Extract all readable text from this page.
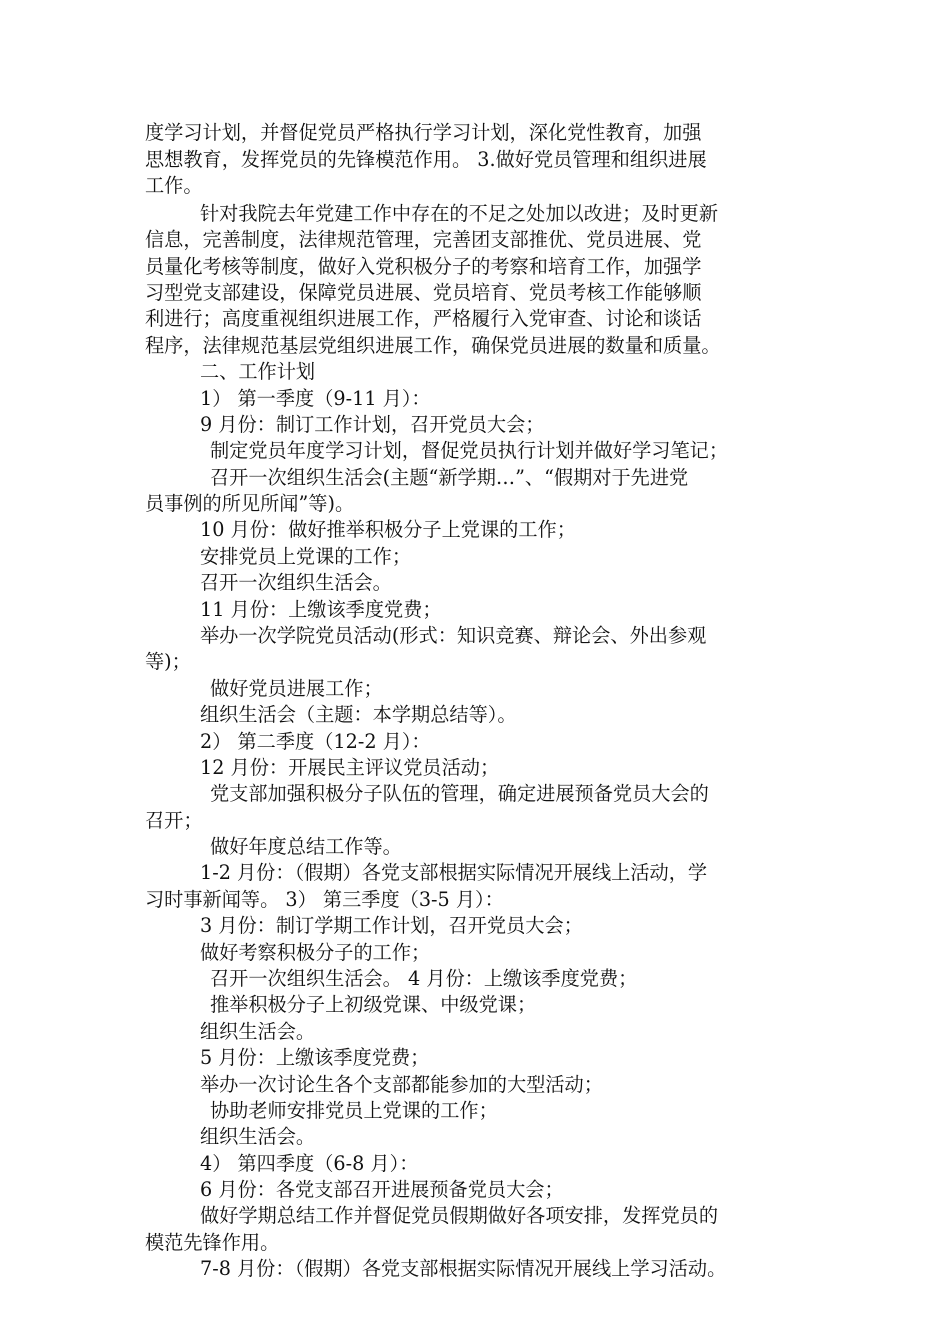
度学习计划，并督促党员严格执行学习计划，深化党性教育，加强
思想教育，发挥党员的先锋模范作用。 3.做好党员管理和组织进展
工作。
针对我院去年党建工作中存在的不足之处加以改进；及时更新
信息，完善制度，法律规范管理，完善团支部推优、党员进展、党
员量化考核等制度，做好入党积极分子的考察和培育工作，加强学
习型党支部建设，保障党员进展、党员培育、党员考核工作能够顺
利进行；高度重视组织进展工作，严格履行入党审查、讨论和谈话
程序，法律规范基层党组织进展工作，确保党员进展的数量和质量。
二、工作计划
1） 第一季度（9-11 月）：
9 月份：制订工作计划，召开党员大会；
制定党员年度学习计划，督促党员执行计划并做好学习笔记；
召开一次组织生活会(主题“新学期…”、“假期对于先进党
员事例的所见所闻”等)。
10 月份：做好推举积极分子上党课的工作；
安排党员上党课的工作；
召开一次组织生活会。
11 月份：上缴该季度党费；
举办一次学院党员活动(形式：知识竞赛、辩论会、外出参观
等)；
做好党员进展工作；
组织生活会（主题：本学期总结等）。
2） 第二季度（12-2 月）：
12 月份：开展民主评议党员活动；
党支部加强积极分子队伍的管理，确定进展预备党员大会的
召开；
做好年度总结工作等。
1-2 月份：（假期）各党支部根据实际情况开展线上活动，学
习时事新闻等。 3） 第三季度（3-5 月）：
3 月份：制订学期工作计划，召开党员大会；
做好考察积极分子的工作；
召开一次组织生活会。 4 月份：上缴该季度党费；
推举积极分子上初级党课、中级党课；
组织生活会。
5 月份：上缴该季度党费；
举办一次讨论生各个支部都能参加的大型活动；
协助老师安排党员上党课的工作；
组织生活会。
4） 第四季度（6-8 月）：
6 月份：各党支部召开进展预备党员大会；
做好学期总结工作并督促党员假期做好各项安排，发挥党员的
模范先锋作用。
7-8 月份：（假期）各党支部根据实际情况开展线上学习活动。
